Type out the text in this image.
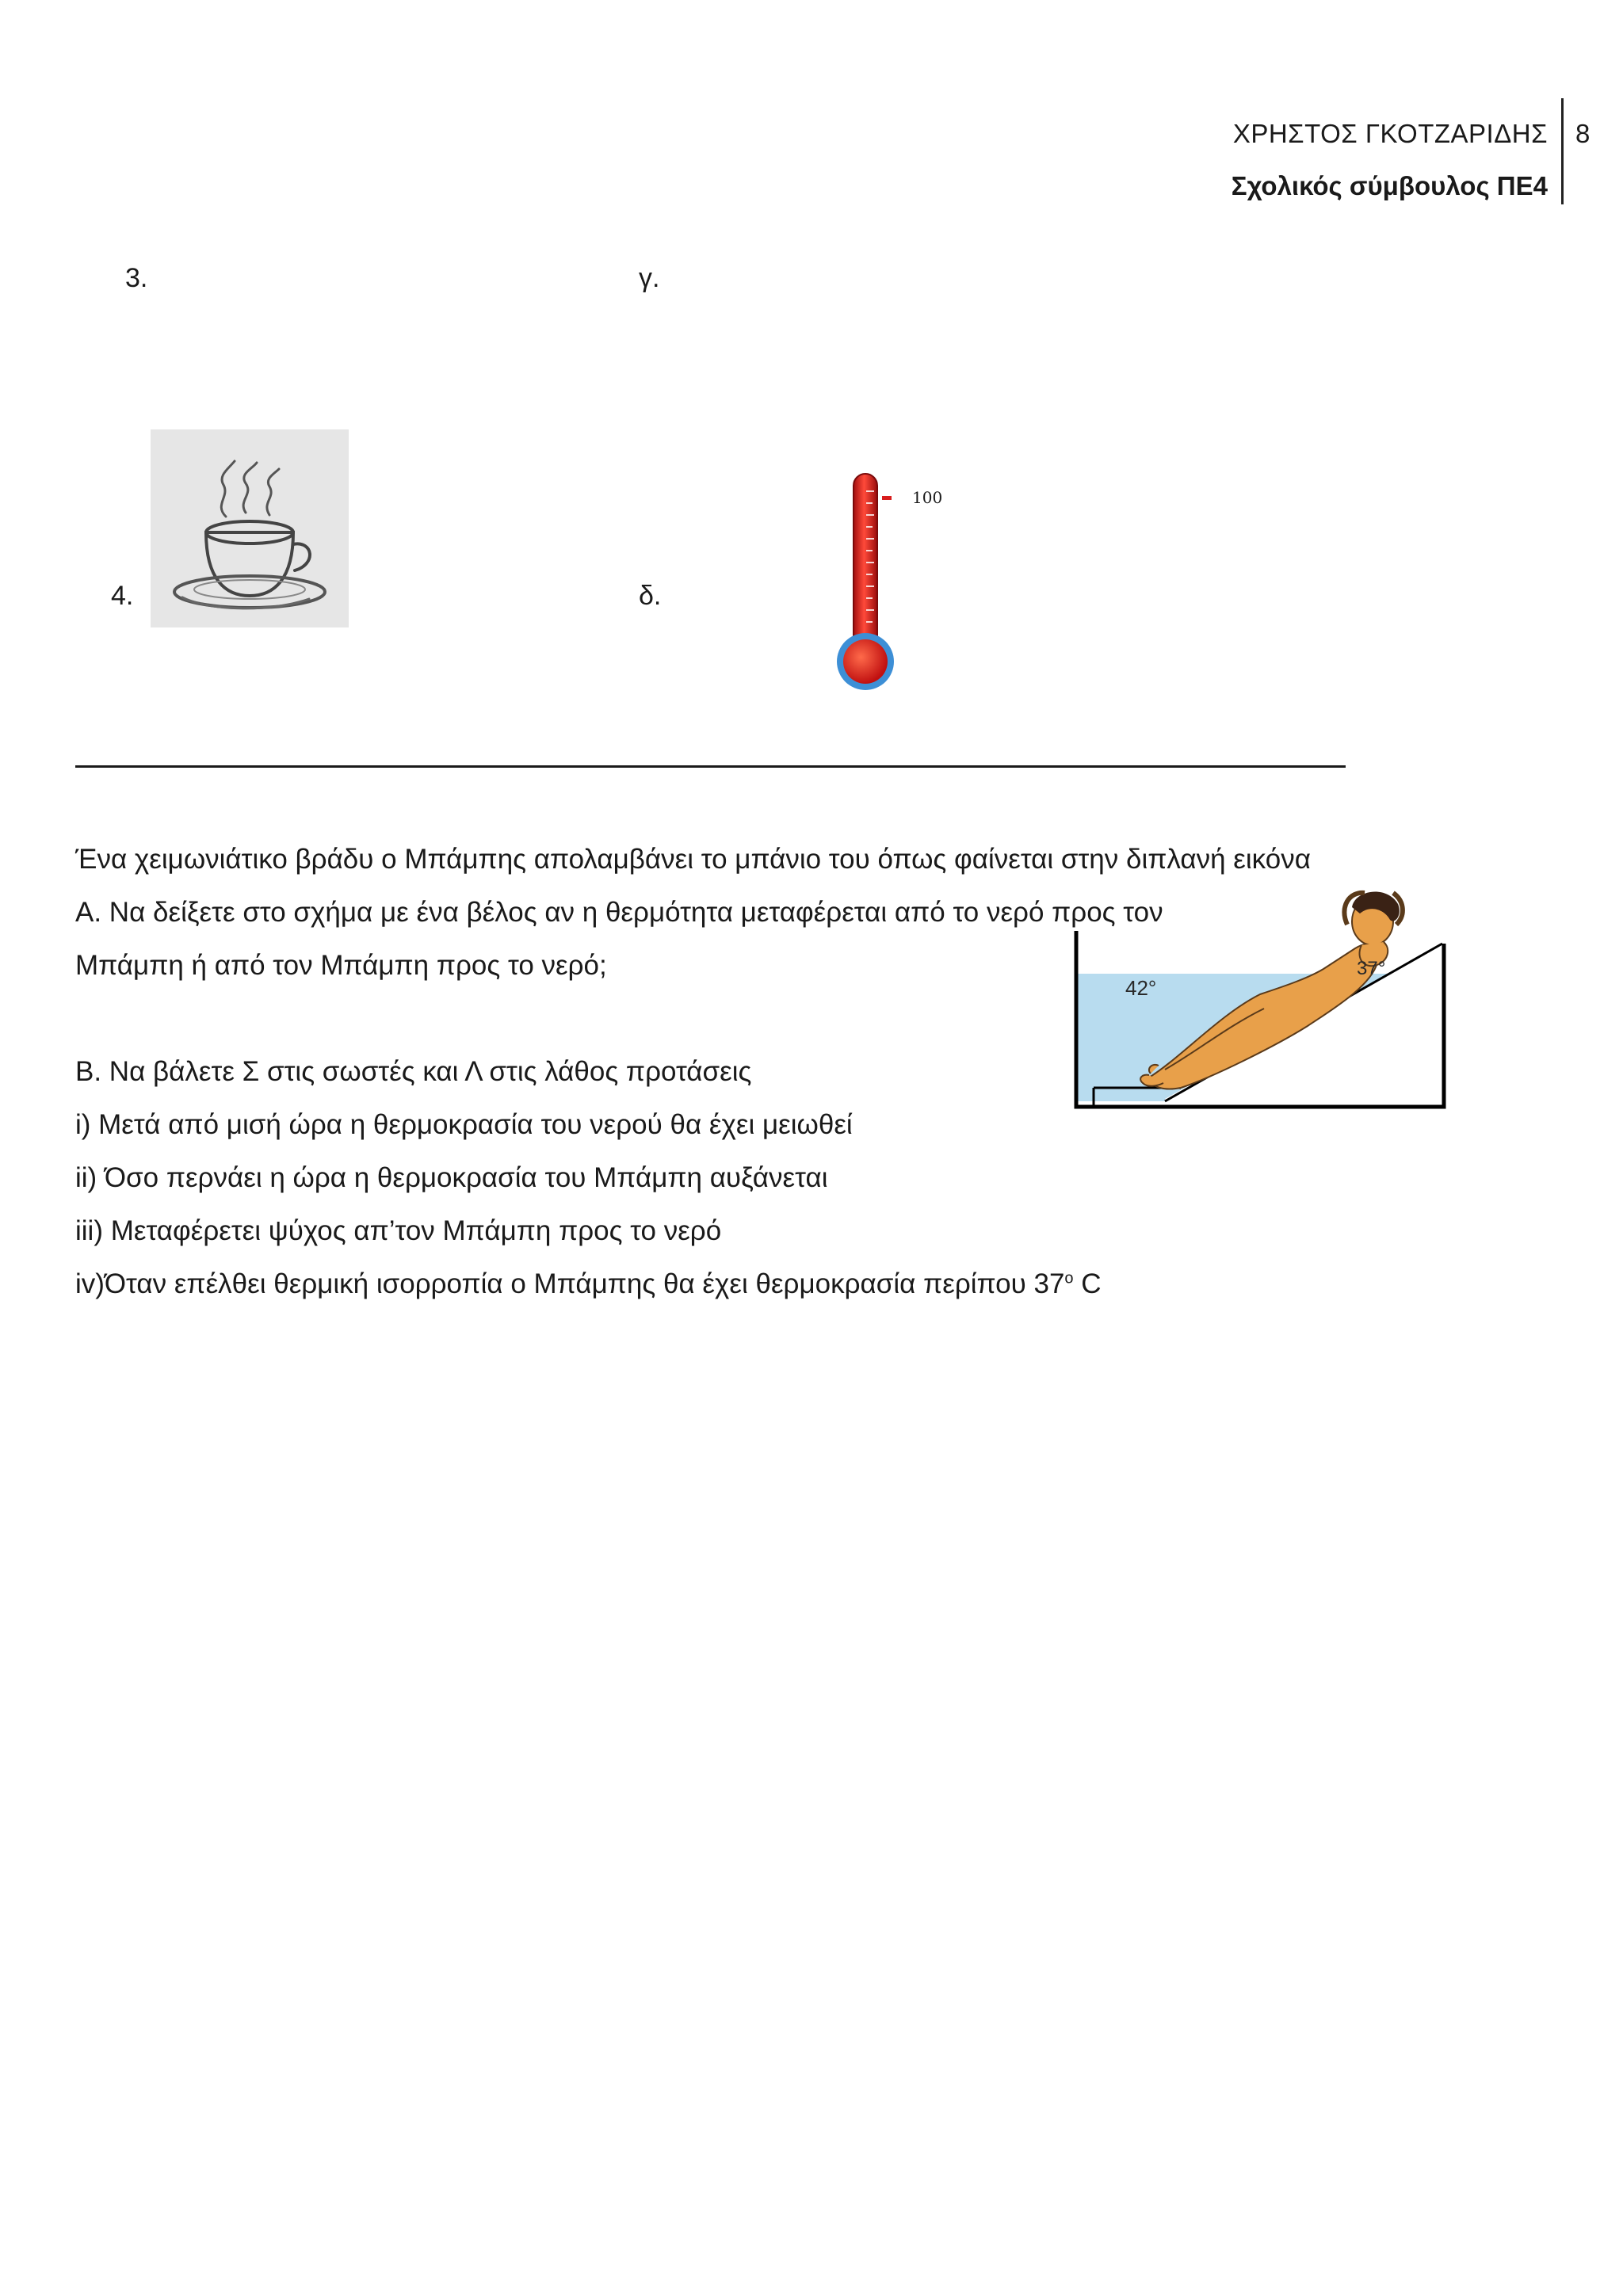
ΧΡΗΣΤΟΣ ΓΚΟΤΖΑΡΙΔΗΣ
Σχολικός σύμβουλος ΠΕ4
8
3.	γ.
4.	δ.
100
Ένα χειμωνιάτικο βράδυ ο Μπάμπης απολαμβάνει το μπάνιο του όπως φαίνεται στην διπλανή εικόνα
Α. Να δείξετε στο σχήμα με ένα βέλος αν η θερμότητα μεταφέρεται από το νερό προς τον
Μπάμπη ή από τον Μπάμπη προς το νερό;
Β. Να βάλετε Σ στις σωστές και Λ στις λάθος προτάσεις
i) Μετά από μισή ώρα η θερμοκρασία του νερού θα έχει μειωθεί
ii) Όσο περνάει η ώρα η θερμοκρασία του Μπάμπη αυξάνεται
iii) Μεταφέρετει ψύχος απ’τον Μπάμπη προς το νερό
iv)Όταν επέλθει θερμική ισορροπία ο Μπάμπης θα έχει θερμοκρασία περίπου $37^o$ C
42°
37°
